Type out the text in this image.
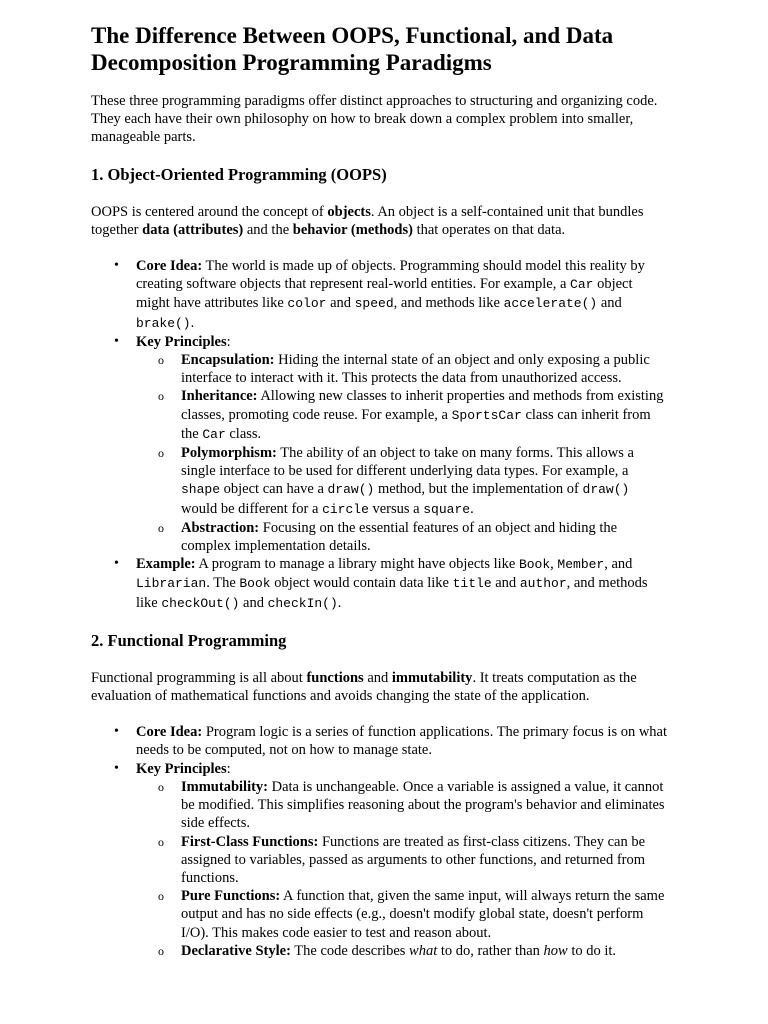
The Difference Between OOPS, Functional, and Data Decomposition Programming Paradigms

These three programming paradigms offer distinct approaches to structuring and organizing code. They each have their own philosophy on how to break down a complex problem into smaller, manageable parts.

1. Object-Oriented Programming (OOPS)

OOPS is centered around the concept of objects. An object is a self-contained unit that bundles together data (attributes) and the behavior (methods) that operates on that data.

• Core Idea: The world is made up of objects. Programming should model this reality by creating software objects that represent real-world entities. For example, a Car object might have attributes like color and speed, and methods like accelerate() and brake().
• Key Principles:
o Encapsulation: Hiding the internal state of an object and only exposing a public interface to interact with it. This protects the data from unauthorized access.
o Inheritance: Allowing new classes to inherit properties and methods from existing classes, promoting code reuse. For example, a SportsCar class can inherit from the Car class.
o Polymorphism: The ability of an object to take on many forms. This allows a single interface to be used for different underlying data types. For example, a shape object can have a draw() method, but the implementation of draw() would be different for a circle versus a square.
o Abstraction: Focusing on the essential features of an object and hiding the complex implementation details.
• Example: A program to manage a library might have objects like Book, Member, and Librarian. The Book object would contain data like title and author, and methods like checkOut() and checkIn().
2. Functional Programming

Functional programming is all about functions and immutability. It treats computation as the evaluation of mathematical functions and avoids changing the state of the application.

• Core Idea: Program logic is a series of function applications. The primary focus is on what needs to be computed, not on how to manage state.
• Key Principles:
o Immutability: Data is unchangeable. Once a variable is assigned a value, it cannot be modified. This simplifies reasoning about the program's behavior and eliminates side effects.
o First-Class Functions: Functions are treated as first-class citizens. They can be assigned to variables, passed as arguments to other functions, and returned from functions.
o Pure Functions: A function that, given the same input, will always return the same output and has no side effects (e.g., doesn't modify global state, doesn't perform I/O). This makes code easier to test and reason about.
o Declarative Style: The code describes what to do, rather than how to do it.
